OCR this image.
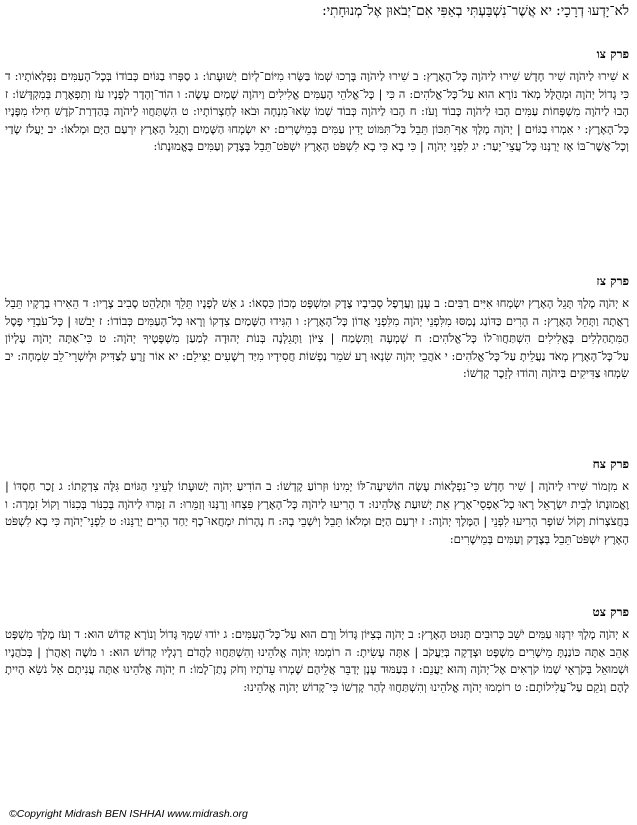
לֹא־יָדְעוּ דְרָכָי: יא אֲשֶׁר־נִשְׁבַּעְתִּי בְאַפִּי אִם־יְבֹאוּן אֶל־מְנוּחָתִי:
פרק צו

א שִׁירוּ לַיהֹוָה שִׁיר חָדָשׁ שִׁירוּ לַיהֹוָה כָּל־הָאָרֶץ: ב שִׁירוּ לַיהֹוָה בָּרְכוּ שְׁמוֹ בַּשְּׂרוּ מִיּוֹם־לְיוֹם יְשׁוּעָתוֹ: ג סַפְּרוּ בַגּוֹיִם כְּבוֹדוֹ בְּכָל־הָעַמִּים נִפְלְאוֹתָיו: ד כִּי גָדוֹל יְהֹוָה וּמְהֻלָּל מְאֹד נוֹרָא הוּא עַל־כָּל־אֱלֹהִים: ה כִּי | כָּל־אֱלֹהֵי הָעַמִּים אֱלִילִים וַיהֹוָה שָׁמַיִם עָשָׂה: ו הוֹד־וְהָדָר לְפָנָיו עֹז וְתִפְאֶרֶת בְּמִקְדָּשׁוֹ: ז הָבוּ לַיהֹוָה מִשְׁפְּחוֹת עַמִּים הָבוּ לַיהֹוָה כָּבוֹד וָעֹז: ח הָבוּ לַיהֹוָה כְּבוֹד שְׁמוֹ שְׂאוּ־מִנְחָה וּבֹאוּ לְחַצְרוֹתָיו: ט הִשְׁתַּחֲווּ לַיהֹוָה בְּהַדְרַת־קֹדֶשׁ חִילוּ מִפָּנָיו כָּל־הָאָרֶץ: י אִמְרוּ בַגּוֹיִם | יְהֹוָה מָלָךְ אַף־תִּכּוֹן תֵּבֵל בַּל־תִּמּוֹט יָדִין עַמִּים בְּמֵישָׁרִים: יא יִשְׂמְחוּ הַשָּׁמַיִם וְתָגֵל הָאָרֶץ יִרְעַם הַיָּם וּמְלֹאוֹ: יב יַעֲלֹז שָׂדַי וְכָל־אֲשֶׁר־בּוֹ אָז יְרַנְּנוּ כָּל־עֲצֵי־יָעַר: יג לִפְנֵי יְהֹוָה | כִּי בָא כִּי בָא לִשְׁפֹּט הָאָרֶץ יִשְׁפֹּט־תֵּבֵל בְּצֶדֶק וְעַמִּים בֶּאֱמוּנָתוֹ:

פרק צז

א יְהֹוָה מָלָךְ תָּגֵל הָאָרֶץ יִשְׂמְחוּ אִיִּים רַבִּים: ב עָנָן וַעֲרָפֶל סְבִיבָיו צֶדֶק וּמִשְׁפָּט מְכוֹן כִּסְאוֹ: ג אֵשׁ לְפָנָיו תֵּלֵךְ וּתְלַהֵט סָבִיב צָרָיו: ד הֵאִירוּ בְרָקָיו תֵּבֵל רָאֲתָה וַתָּחֵל הָאָרֶץ: ה הָרִים כַּדּוֹנַג נָמַסּוּ מִלִּפְנֵי יְהֹוָה מִלִּפְנֵי אֲדוֹן כָּל־הָאָרֶץ: ו הִגִּידוּ הַשָּׁמַיִם צִדְקוֹ וְרָאוּ כָל־הָעַמִּים כְּבוֹדוֹ: ז יֵבֹשׁוּ | כָּל־עֹבְדֵי פֶסֶל הַמִּתְהַלְלִים בָּאֱלִילִים הִשְׁתַּחֲווּ־לוֹ כָּל־אֱלֹהִים: ח שָׁמְעָה וַתִּשְׂמַח | צִיּוֹן וַתָּגֵלְנָה בְּנוֹת יְהוּדָה לְמַעַן מִשְׁפָּטֶיךָ יְהֹוָה: ט כִּי־אַתָּה יְהֹוָה עֶלְיוֹן עַל־כָּל־הָאָרֶץ מְאֹד נַעֲלֵיתָ עַל־כָּל־אֱלֹהִים: י אֹהֲבֵי יְהֹוָה שִׂנְאוּ רָע שֹׁמֵר נַפְשׁוֹת חֲסִידָיו מִיַּד רְשָׁעִים יַצִּילֵם: יא אוֹר זָרֻעַ לַצַּדִּיק וּלְיִשְׁרֵי־לֵב שִׂמְחָה: יב שִׂמְחוּ צַדִּיקִים בַּיהֹוָה וְהוֹדוּ לְזֵכֶר קָדְשׁוֹ:

פרק צח

א מִזְמוֹר שִׁירוּ לַיהֹוָה | שִׁיר חָדָשׁ כִּי־נִפְלָאוֹת עָשָׂה הוֹשִׁיעָה־לּוֹ יְמִינוֹ וּזְרוֹעַ קָדְשׁוֹ: ב הוֹדִיעַ יְהֹוָה יְשׁוּעָתוֹ לְעֵינֵי הַגּוֹיִם גִּלָּה צִדְקָתוֹ: ג זָכַר חַסְדּוֹ | וֶאֱמוּנָתוֹ לְבֵית יִשְׂרָאֵל רָאוּ כָל־אַפְסֵי־אָרֶץ אֵת יְשׁוּעַת אֱלֹהֵינוּ: ד הָרִיעוּ לַיהֹוָה כָּל־הָאָרֶץ פִּצְחוּ וְרַנְּנוּ וְזַמֵּרוּ: ה זַמְּרוּ לַיהֹוָה בְּכִנּוֹר בְּכִנּוֹר וְקוֹל זִמְרָה: ו בַּחֲצֹצְרוֹת וְקוֹל שׁוֹפָר הָרִיעוּ לִפְנֵי | הַמֶּלֶךְ יְהֹוָה: ז יִרְעַם הַיָּם וּמְלֹאוֹ תֵּבֵל וְיֹשְׁבֵי בָהּ: ח נְהָרוֹת יִמְחֲאוּ־כָף יַחַד הָרִים יְרַנֵּנוּ: ט לִפְנֵי־יְהֹוָה כִּי בָא לִשְׁפֹּט הָאָרֶץ יִשְׁפֹּט־תֵּבֵל בְּצֶדֶק וְעַמִּים בְּמֵישָׁרִים:

פרק צט

א יְהֹוָה מָלָךְ יִרְגְּזוּ עַמִּים יֹשֵׁב כְּרוּבִים תָּנוּט הָאָרֶץ: ב יְהֹוָה בְּצִיּוֹן גָּדוֹל וְרָם הוּא עַל־כָּל־הָעַמִּים: ג יוֹדוּ שִׁמְךָ גָּדוֹל וְנוֹרָא קָדוֹשׁ הוּא: ד וְעֹז מֶלֶךְ מִשְׁפָּט אָהֵב אַתָּה כּוֹנַנְתָּ מֵישָׁרִים מִשְׁפָּט וּצְדָקָה בְּיַעֲקֹב | אַתָּה עָשִׂיתָ: ה רוֹמְמוּ יְהֹוָה אֱלֹהֵינוּ וְהִשְׁתַּחֲווּ לַהֲדֹם רַגְלָיו קָדוֹשׁ הוּא: ו מֹשֶׁה וְאַהֲרֹן | בְּכֹהֲנָיו וּשְׁמוּאֵל בְּקֹרְאֵי שְׁמוֹ קֹרְאִים אֶל־יְהֹוָה וְהוּא יַעֲנֵם: ז בְּעַמּוּד עָנָן יְדַבֵּר אֲלֵיהֶם שָׁמְרוּ עֵדֹתָיו וְחֹק נָתַן־לָמוֹ: ח יְהֹוָה אֱלֹהֵינוּ אַתָּה עֲנִיתָם אֵל נֹשֵׂא הָיִיתָ לָהֶם וְנֹקֵם עַל־עֲלִילוֹתָם: ט רוֹמְמוּ יְהֹוָה אֱלֹהֵינוּ וְהִשְׁתַּחֲווּ לְהַר קָדְשׁוֹ כִּי־קָדוֹשׁ יְהֹוָה אֱלֹהֵינוּ:

©Copyright Midrash BEN ISHHAI www.midrash.org
